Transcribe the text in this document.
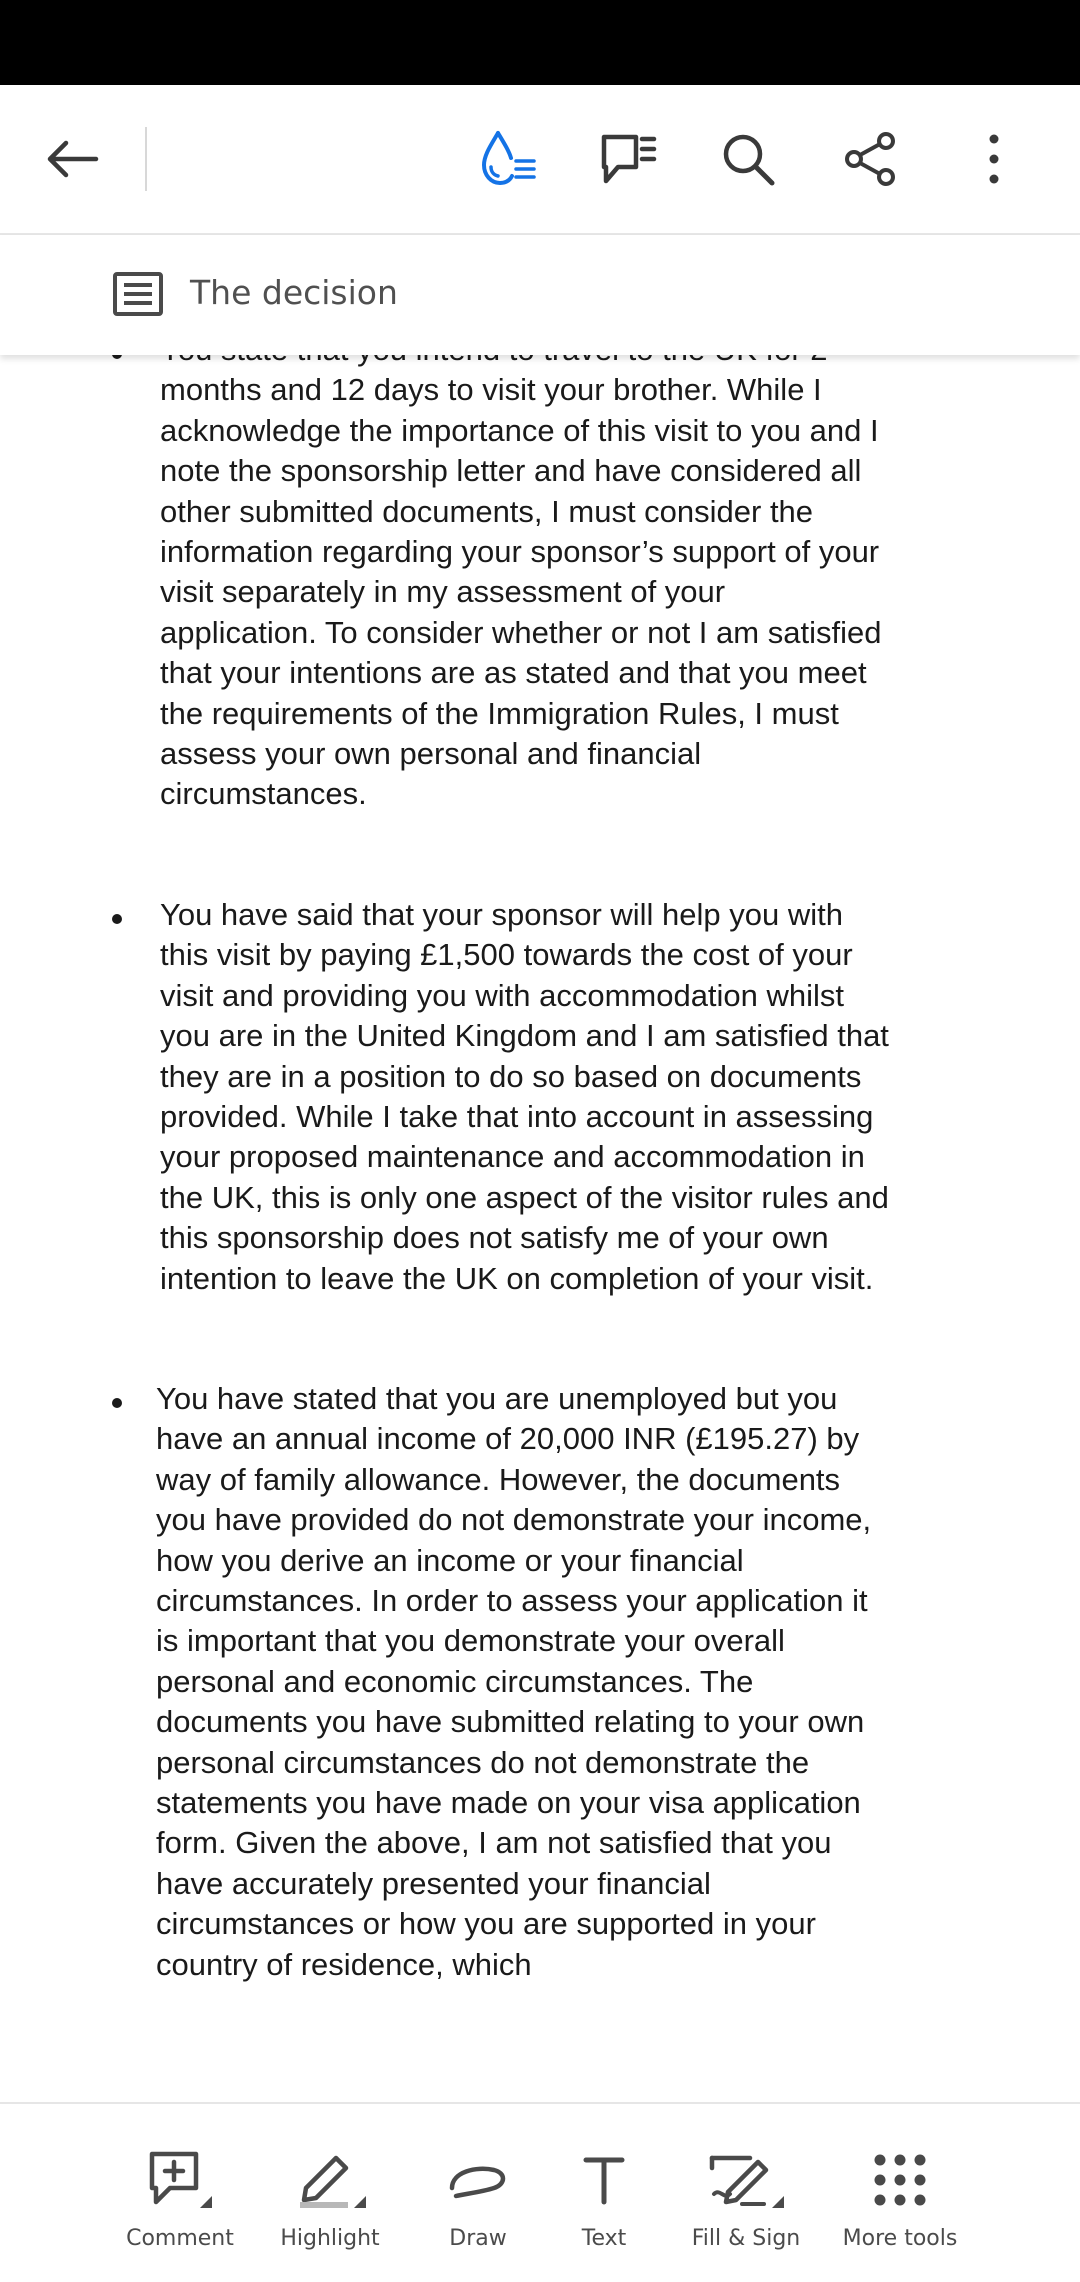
The decision
months and 12 days to visit your brother. While I acknowledge the importance of this visit to you and I note the sponsorship letter and have considered all other submitted documents, I must consider the information regarding your sponsor’s support of your visit separately in my assessment of your application. To consider whether or not I am satisfied that your intentions are as stated and that you meet the requirements of the Immigration Rules, I must assess your own personal and financial circumstances.
You have said that your sponsor will help you with this visit by paying £1,500 towards the cost of your visit and providing you with accommodation whilst you are in the United Kingdom and I am satisfied that they are in a position to do so based on documents provided. While I take that into account in assessing your proposed maintenance and accommodation in the UK, this is only one aspect of the visitor rules and this sponsorship does not satisfy me of your own intention to leave the UK on completion of your visit.
You have stated that you are unemployed but you have an annual income of 20,000 INR (£195.27) by way of family allowance. However, the documents you have provided do not demonstrate your income, how you derive an income or your financial circumstances. In order to assess your application it is important that you demonstrate your overall personal and economic circumstances. The documents you have submitted relating to your own personal circumstances do not demonstrate the statements you have made on your visa application form. Given the above, I am not satisfied that you have accurately presented your financial circumstances or how you are supported in your country of residence, which
Comment Highlight	Draw	Text	Fill & Sign More tools
